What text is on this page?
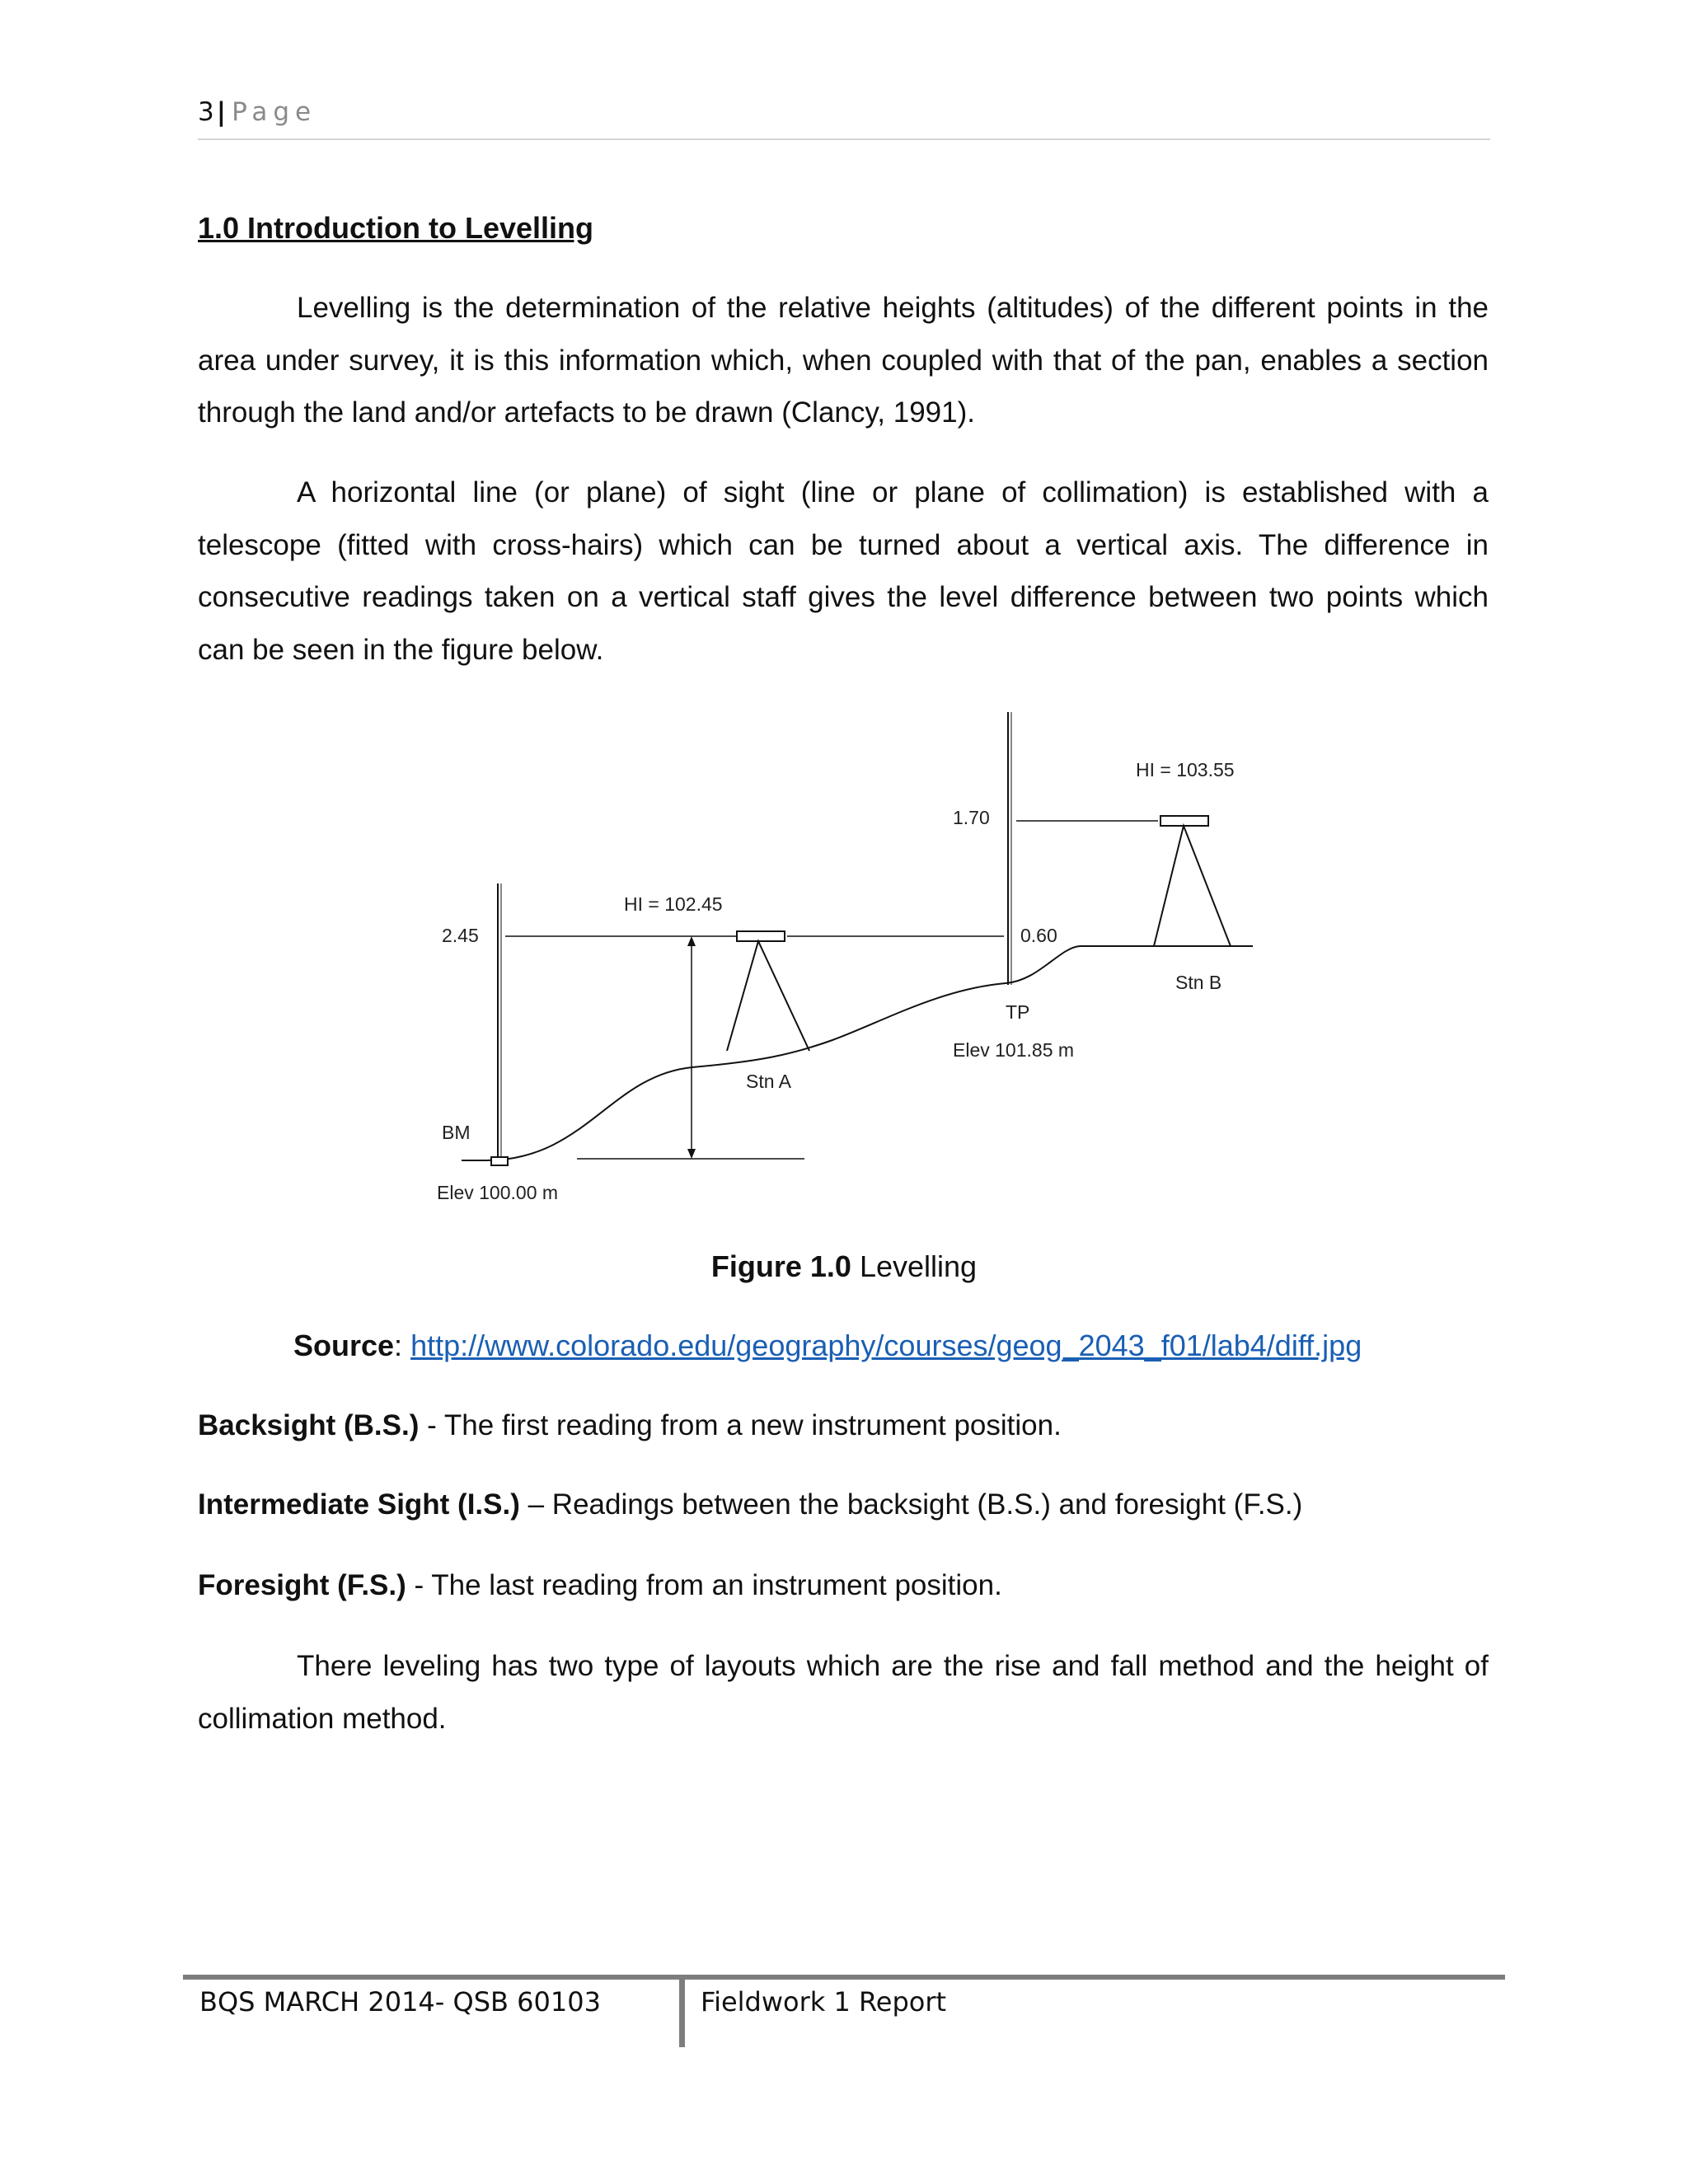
3| Page
1.0 Introduction to Levelling
Levelling is the determination of the relative heights (altitudes) of the different points in the area under survey, it is this information which, when coupled with that of the pan, enables a section through the land and/or artefacts to be drawn (Clancy, 1991).
A horizontal line (or plane) of sight (line or plane of collimation) is established with a telescope (fitted with cross-hairs) which can be turned about a vertical axis. The difference in consecutive readings taken on a vertical staff gives the level difference between two points which can be seen in the figure below.
HI = 102.45
HI = 103.55
2.45	0.60
1.70
BM
Elev 100.00 m
Stn A
Stn B
TP
Elev 101.85 m
Figure 1.0 Levelling
Source: http://www.colorado.edu/geography/courses/geog_2043_f01/lab4/diff.jpg
Backsight (B.S.) - The first reading from a new instrument position.
Intermediate Sight (I.S.) – Readings between the backsight (B.S.) and foresight (F.S.)
Foresight (F.S.) - The last reading from an instrument position.
There leveling has two type of layouts which are the rise and fall method and the height of collimation method.
BQS MARCH 2014- QSB 60103	Fieldwork 1 Report
